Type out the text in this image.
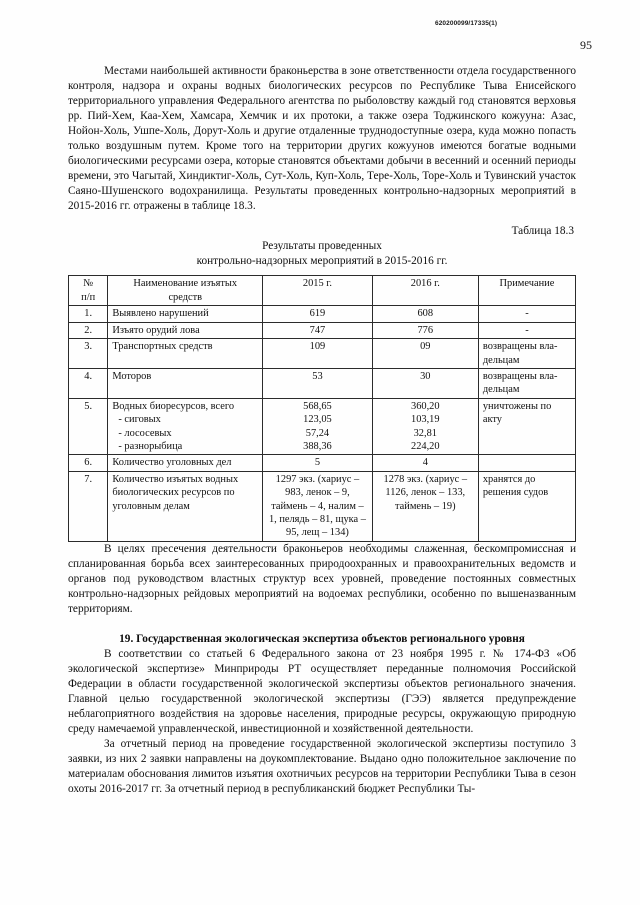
620200099/17335(1)
95

Местами наибольшей активности браконьерства в зоне ответственности отдела государственного контроля, надзора и охраны водных биологических ресурсов по Республике Тыва Енисейского территориального управления Федерального агентства по рыболовству каждый год становятся верховья рр. Пий-Хем, Каа-Хем, Хамсара, Хемчик и их протоки, а также озера Тоджинского кожууна: Азас, Нойон-Холь, Ушпе-Холь, Дорут-Холь и другие отдаленные труднодоступные озера, куда можно попасть только воздушным путем. Кроме того на территории других кожуунов имеются богатые водными биологическими ресурсами озера, которые становятся объектами добычи в весенний и осенний периоды времени, это Чагытай, Хиндиктиг-Холь, Сут-Холь, Куп-Холь, Тере-Холь, Торе-Холь и Тувинский участок Саяно-Шушенского водохранилища. Результаты проведенных контрольно-надзорных мероприятий в 2015-2016 гг. отражены в таблице 18.3.

Таблица 18.3
Результаты проведенных
контрольно-надзорных мероприятий в 2015-2016 гг.
№
п/п	Наименование изъятых
средств	2015 г.	2016 г.	Примечание

1.	Выявлено нарушений	619	608	-
2.	Изъято орудий лова	747	776	-
3.	Транспортных средств	109	09	возвращены вла-дельцам
4.	Моторов	53	30	возвращены вла-дельцам
5.	Водных биоресурсов, всего
- сиговых
- лососевых
- разнорыбица	568,65
123,05
57,24
388,36	360,20
103,19
32,81
224,20	уничтожены по акту
6.	Количество уголовных дел	5	4	
7.	Количество изъятых водных биологических ресурсов по уголовным делам	1297 экз. (хариус – 983, ленок – 9, таймень – 4, налим – 1, пелядь – 81, щука – 95, лещ – 134)	1278 экз. (хариус – 1126, ленок – 133, таймень – 19)	хранятся до решения судов

В целях пресечения деятельности браконьеров необходимы слаженная, бескомпромиссная и спланированная борьба всех заинтересованных природоохранных и правоохранительных ведомств и органов под руководством властных структур всех уровней, проведение постоянных совместных контрольно-надзорных рейдовых мероприятий на водоемах республики, особенно по вышеназванным территориям.

19. Государственная экологическая экспертиза объектов регионального уровня

В соответствии со статьей 6 Федерального закона от 23 ноября 1995 г. № 174-ФЗ «Об экологической экспертизе» Минприроды РТ осуществляет переданные полномочия Российской Федерации в области государственной экологической экспертизы объектов регионального значения. Главной целью государственной экологической экспертизы (ГЭЭ) является предупреждение неблагоприятного воздействия на здоровье населения, природные ресурсы, окружающую природную среду намечаемой управленческой, инвестиционной и хозяйственной деятельности.

За отчетный период на проведение государственной экологической экспертизы поступило 3 заявки, из них 2 заявки направлены на доукомплектование. Выдано одно положительное заключение по материалам обоснования лимитов изъятия охотничьих ресурсов на территории Республики Тыва в сезон охоты 2016-2017 гг. За отчетный период в республиканский бюджет Республики Ты-
